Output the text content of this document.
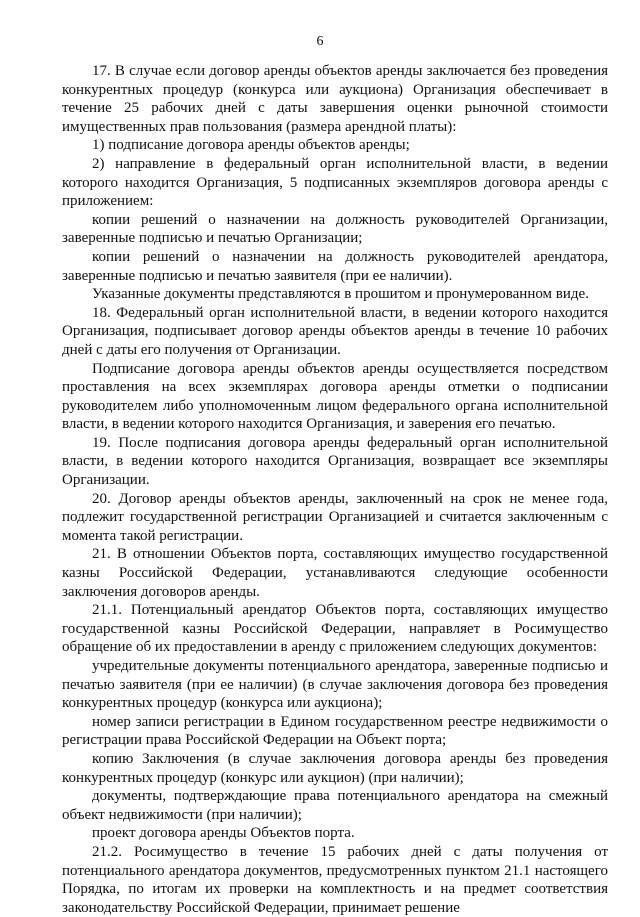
6

17. В случае если договор аренды объектов аренды заключается без проведения конкурентных процедур (конкурса или аукциона) Организация обеспечивает в течение 25 рабочих дней с даты завершения оценки рыночной стоимости имущественных прав пользования (размера арендной платы):

1) подписание договора аренды объектов аренды;

2) направление в федеральный орган исполнительной власти, в ведении которого находится Организация, 5 подписанных экземпляров договора аренды с приложением:

копии решений о назначении на должность руководителей Организации, заверенные подписью и печатью Организации;

копии решений о назначении на должность руководителей арендатора, заверенные подписью и печатью заявителя (при ее наличии).

Указанные документы представляются в прошитом и пронумерованном виде.

18. Федеральный орган исполнительной власти, в ведении которого находится Организация, подписывает договор аренды объектов аренды в течение 10 рабочих дней с даты его получения от Организации.

Подписание договора аренды объектов аренды осуществляется посредством проставления на всех экземплярах договора аренды отметки о подписании руководителем либо уполномоченным лицом федерального органа исполнительной власти, в ведении которого находится Организация, и заверения его печатью.

19. После подписания договора аренды федеральный орган исполнительной власти, в ведении которого находится Организация, возвращает все экземпляры Организации.

20. Договор аренды объектов аренды, заключенный на срок не менее года, подлежит государственной регистрации Организацией и считается заключенным с момента такой регистрации.

21. В отношении Объектов порта, составляющих имущество государственной казны Российской Федерации, устанавливаются следующие особенности заключения договоров аренды.

21.1. Потенциальный арендатор Объектов порта, составляющих имущество государственной казны Российской Федерации, направляет в Росимущество обращение об их предоставлении в аренду с приложением следующих документов:

учредительные документы потенциального арендатора, заверенные подписью и печатью заявителя (при ее наличии) (в случае заключения договора без проведения конкурентных процедур (конкурса или аукциона);

номер записи регистрации в Едином государственном реестре недвижимости о регистрации права Российской Федерации на Объект порта;

копию Заключения (в случае заключения договора аренды без проведения конкурентных процедур (конкурс или аукцион) (при наличии);

документы, подтверждающие права потенциального арендатора на смежный объект недвижимости (при наличии);

проект договора аренды Объектов порта.

21.2. Росимущество в течение 15 рабочих дней с даты получения от потенциального арендатора документов, предусмотренных пунктом 21.1 настоящего Порядка, по итогам их проверки на комплектность и на предмет соответствия законодательству Российской Федерации, принимает решение
